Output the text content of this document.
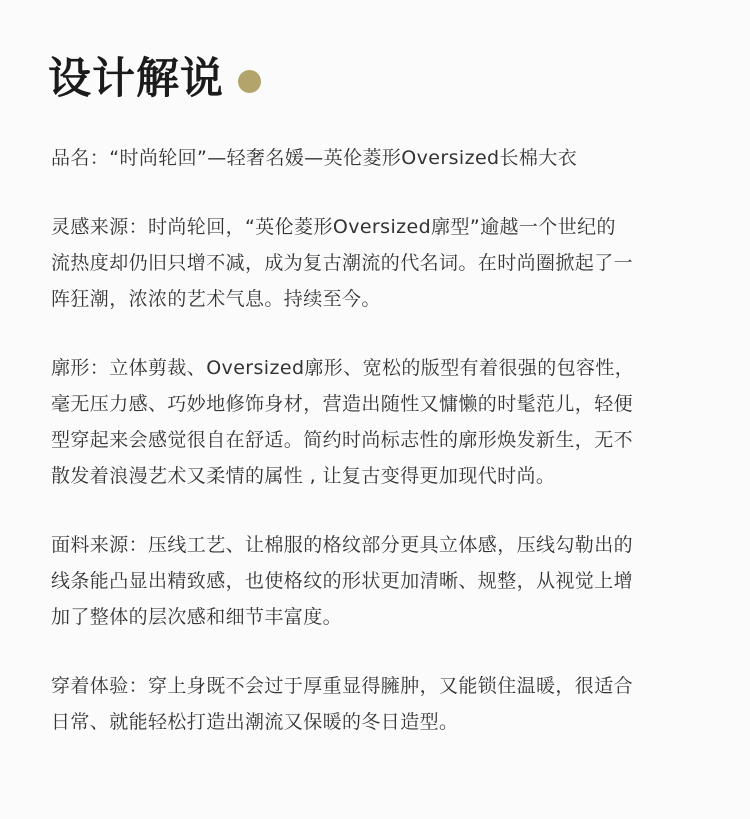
设计解说

品名：“时尚轮回”—轻奢名媛—英伦菱形Oversized长棉大衣

灵感来源：时尚轮回，“英伦菱形Oversized廓型”逾越一个世纪的
流热度却仍旧只增不减，成为复古潮流的代名词。在时尚圈掀起了一
阵狂潮，浓浓的艺术气息。持续至今。

廓形：立体剪裁、Oversized廓形、宽松的版型有着很强的包容性，
毫无压力感、巧妙地修饰身材，营造出随性又慵懒的时髦范儿，轻便
型穿起来会感觉很自在舒适。简约时尚标志性的廓形焕发新生，无不
散发着浪漫艺术又柔情的属性 , 让复古变得更加现代时尚。

面料来源：压线工艺、让棉服的格纹部分更具立体感，压线勾勒出的
线条能凸显出精致感，也使格纹的形状更加清晰、规整，从视觉上增
加了整体的层次感和细节丰富度。

穿着体验：穿上身既不会过于厚重显得臃肿，又能锁住温暖，很适合
日常、就能轻松打造出潮流又保暖的冬日造型。
